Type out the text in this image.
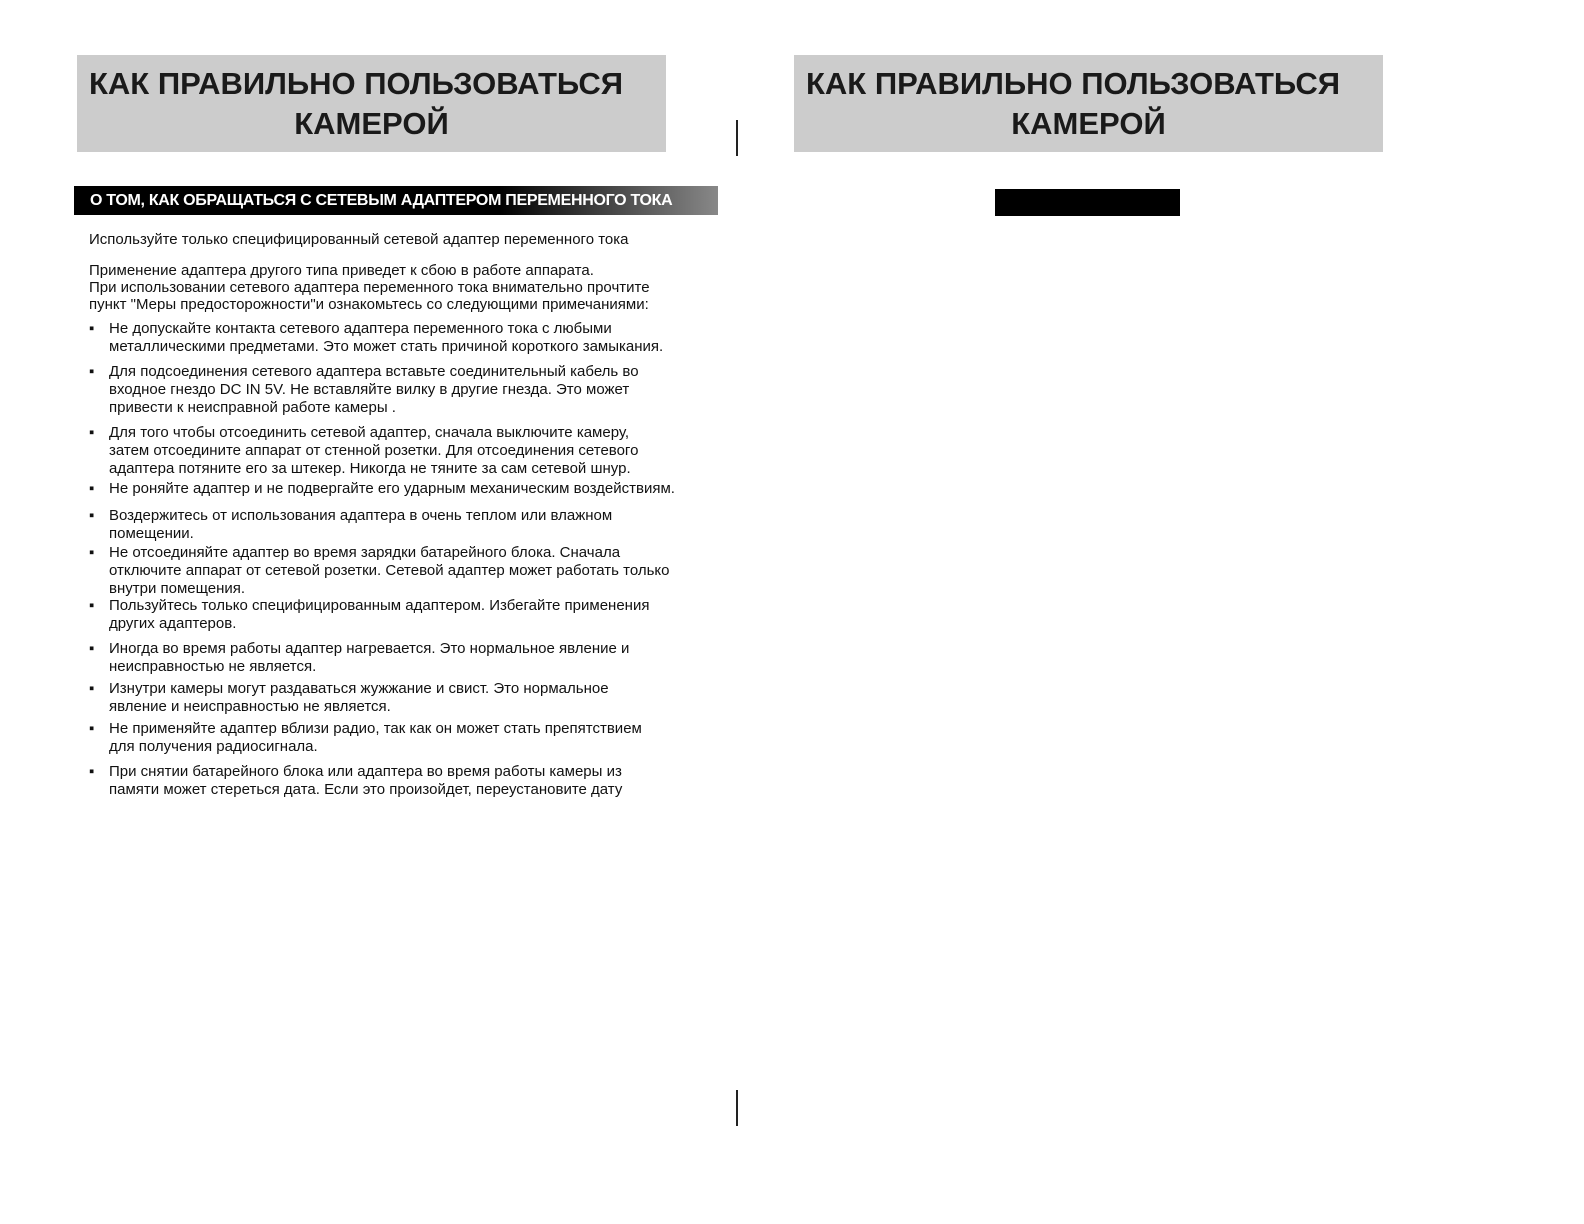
КАК ПРАВИЛЬНО ПОЛЬЗОВАТЬСЯ
КАМЕРОЙ
КАК ПРАВИЛЬНО ПОЛЬЗОВАТЬСЯ
КАМЕРОЙ
О ТОМ, КАК ОБРАЩАТЬСЯ С СЕТЕВЫМ АДАПТЕРОМ ПЕРЕМЕННОГО ТОКА
Используйте только специфицированный сетевой адаптер переменного тока
Применение адаптера другого типа приведет к сбою в работе аппарата.
При использовании сетевого адаптера переменного тока внимательно прочтите
пункт "Меры предосторожности"и ознакомьтесь со следующими примечаниями:
▪ Не допускайте контакта сетевого адаптера переменного тока с любыми
металлическими предметами. Это может стать причиной короткого замыкания.
▪ Для подсоединения сетевого адаптера вставьте соединительный кабель во
входное гнездо DC IN 5V. Не вставляйте вилку в другие гнезда. Это может
привести к неисправной работе камеры .
▪ Для того чтобы отсоединить сетевой адаптер, сначала выключите камеру,
затем отсоедините аппарат от стенной розетки. Для отсоединения сетевого
адаптера потяните его за штекер. Никогда не тяните за сам сетевой шнур.
▪ Не роняйте адаптер и не подвергайте его ударным механическим воздействиям.
▪ Воздержитесь от использования адаптера в очень теплом или влажном
помещении.
▪ Не отсоединяйте адаптер во время зарядки батарейного блока. Сначала
отключите аппарат от сетевой розетки. Сетевой адаптер может работать только
внутри помещения.
▪ Пользуйтесь только специфицированным адаптером. Избегайте применения
других адаптеров.
▪ Иногда во время работы адаптер нагревается. Это нормальное явление и
неисправностью не является.
▪ Изнутри камеры могут раздаваться жужжание и свист. Это нормальное
явление и неисправностью не является.
▪ Не применяйте адаптер вблизи радио, так как он может стать препятствием
для получения радиосигнала.
▪ При снятии батарейного блока или адаптера во время работы камеры из
памяти может стереться дата. Если это произойдет, переустановите дату
